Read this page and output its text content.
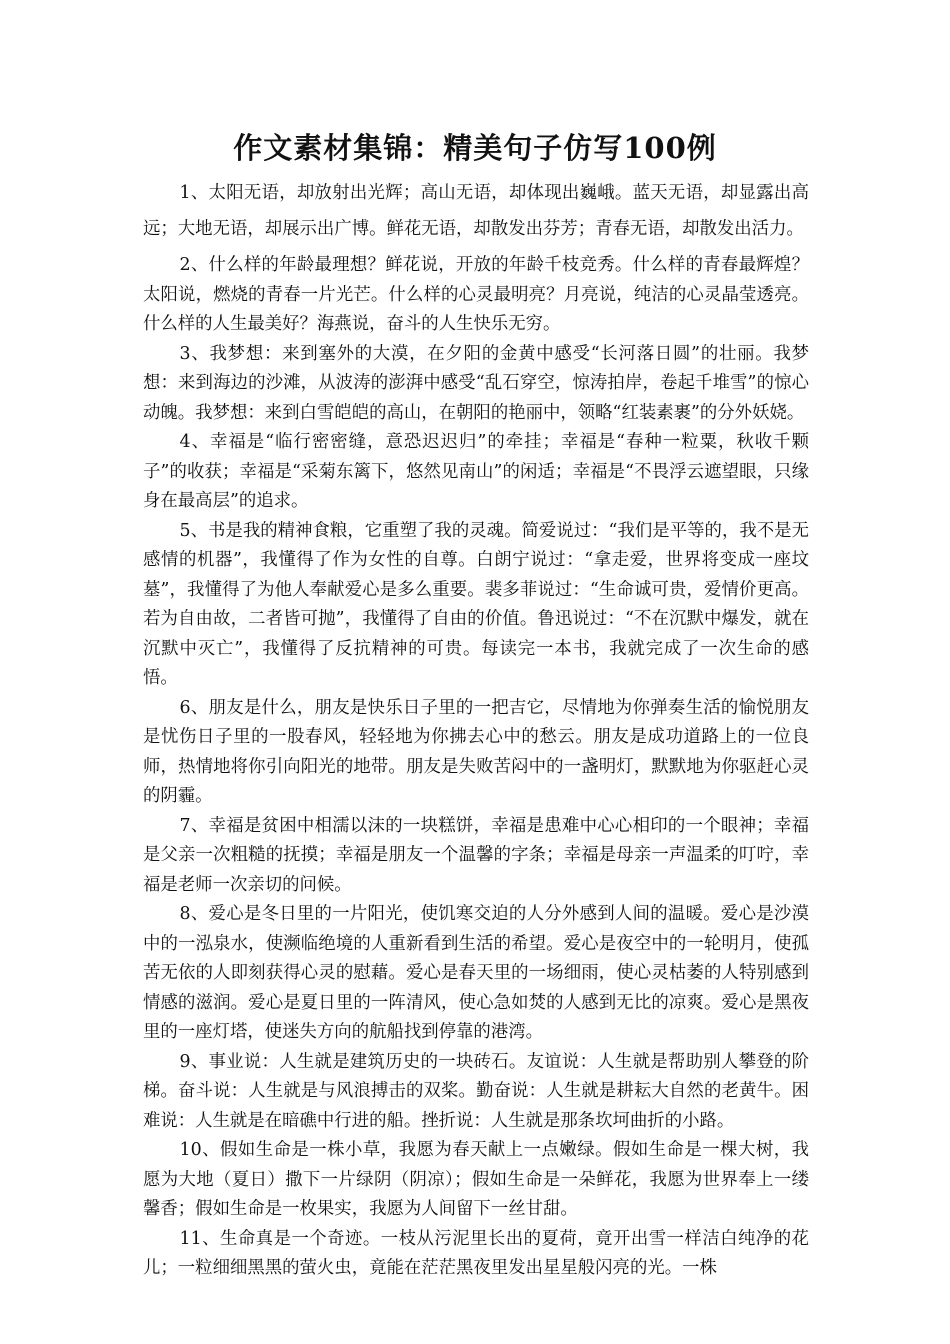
作文素材集锦：精美句子仿写100例

1、太阳无语，却放射出光辉；高山无语，却体现出巍峨。蓝天无语，却显露出高远；大地无语，却展示出广博。鲜花无语，却散发出芬芳；青春无语，却散发出活力。

2、什么样的年龄最理想？鲜花说，开放的年龄千枝竞秀。什么样的青春最辉煌？太阳说，燃烧的青春一片光芒。什么样的心灵最明亮？月亮说，纯洁的心灵晶莹透亮。什么样的人生最美好？海燕说，奋斗的人生快乐无穷。

3、我梦想：来到塞外的大漠，在夕阳的金黄中感受“长河落日圆”的壮丽。我梦想：来到海边的沙滩，从波涛的澎湃中感受“乱石穿空，惊涛拍岸，卷起千堆雪”的惊心动魄。我梦想：来到白雪皑皑的高山，在朝阳的艳丽中，领略“红装素裹”的分外妖娆。

4、幸福是“临行密密缝，意恐迟迟归”的牵挂；幸福是“春种一粒粟，秋收千颗子”的收获；幸福是“采菊东篱下，悠然见南山”的闲适；幸福是“不畏浮云遮望眼，只缘身在最高层”的追求。

5、书是我的精神食粮，它重塑了我的灵魂。简爱说过：“我们是平等的，我不是无感情的机器”，我懂得了作为女性的自尊。白朗宁说过：“拿走爱，世界将变成一座坟墓”，我懂得了为他人奉献爱心是多么重要。裴多菲说过：“生命诚可贵，爱情价更高。若为自由故，二者皆可抛”，我懂得了自由的价值。鲁迅说过：“不在沉默中爆发，就在沉默中灭亡”，我懂得了反抗精神的可贵。每读完一本书，我就完成了一次生命的感悟。

6、朋友是什么，朋友是快乐日子里的一把吉它，尽情地为你弹奏生活的愉悦朋友是忧伤日子里的一股春风，轻轻地为你拂去心中的愁云。朋友是成功道路上的一位良师，热情地将你引向阳光的地带。朋友是失败苦闷中的一盏明灯，默默地为你驱赶心灵的阴霾。

7、幸福是贫困中相濡以沫的一块糕饼，幸福是患难中心心相印的一个眼神；幸福是父亲一次粗糙的抚摸；幸福是朋友一个温馨的字条；幸福是母亲一声温柔的叮咛，幸福是老师一次亲切的问候。

8、爱心是冬日里的一片阳光，使饥寒交迫的人分外感到人间的温暖。爱心是沙漠中的一泓泉水，使濒临绝境的人重新看到生活的希望。爱心是夜空中的一轮明月，使孤苦无依的人即刻获得心灵的慰藉。爱心是春天里的一场细雨，使心灵枯萎的人特别感到情感的滋润。爱心是夏日里的一阵清风，使心急如焚的人感到无比的凉爽。爱心是黑夜里的一座灯塔，使迷失方向的航船找到停靠的港湾。

9、事业说：人生就是建筑历史的一块砖石。友谊说：人生就是帮助别人攀登的阶梯。奋斗说：人生就是与风浪搏击的双桨。勤奋说：人生就是耕耘大自然的老黄牛。困难说：人生就是在暗礁中行进的船。挫折说：人生就是那条坎坷曲折的小路。

10、假如生命是一株小草，我愿为春天献上一点嫩绿。假如生命是一棵大树，我愿为大地（夏日）撒下一片绿阴（阴凉）；假如生命是一朵鲜花，我愿为世界奉上一缕馨香；假如生命是一枚果实，我愿为人间留下一丝甘甜。

11、生命真是一个奇迹。一枝从污泥里长出的夏荷，竟开出雪一样洁白纯净的花儿；一粒细细黑黑的萤火虫，竟能在茫茫黑夜里发出星星般闪亮的光。一株
